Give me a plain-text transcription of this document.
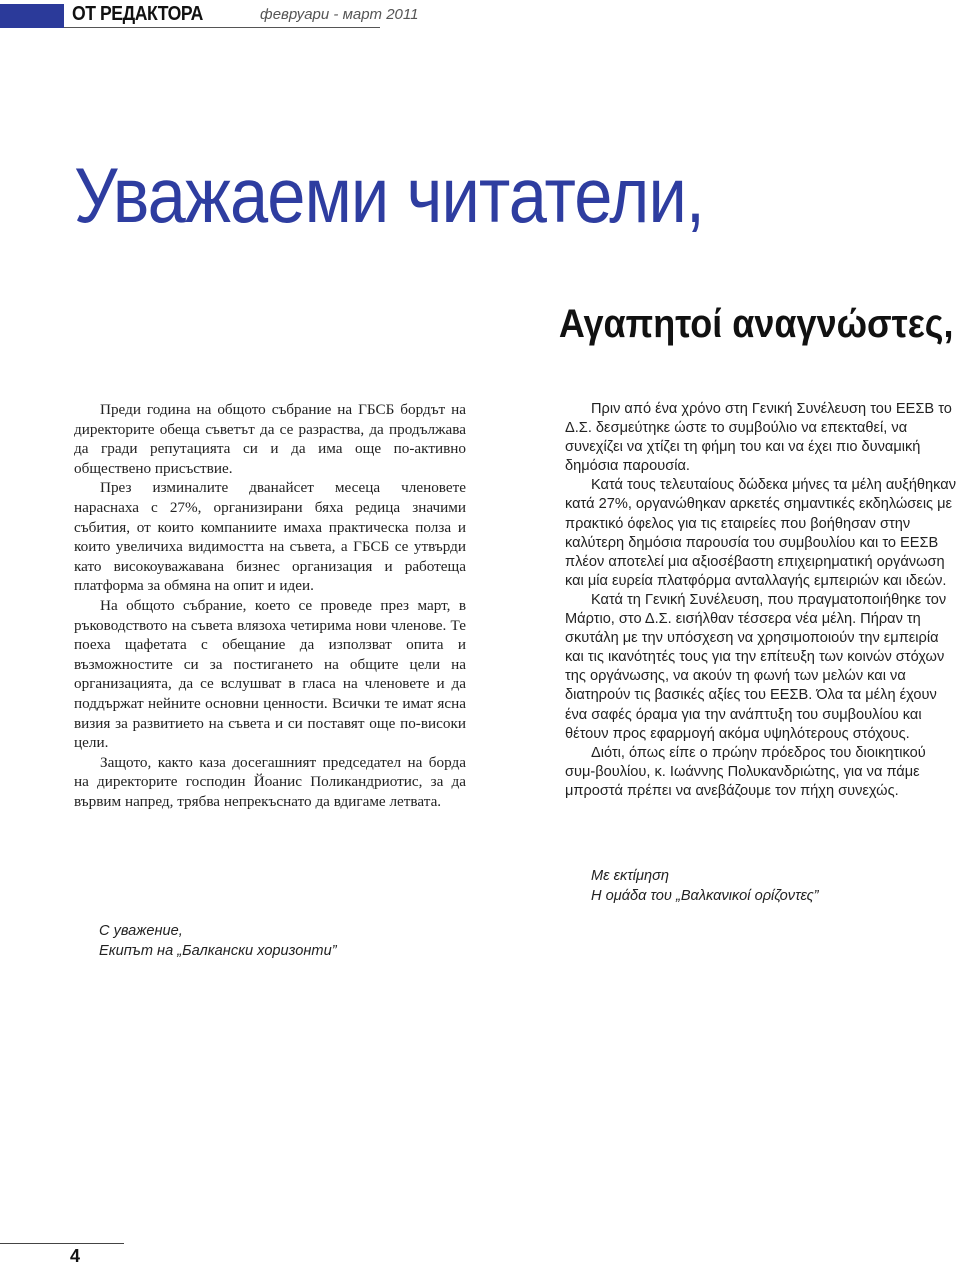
ОТ РЕДАКТОРА	февруари - март 2011
Уважаеми читатели,
Αγαπητοί αναγνώστες,

Преди година на общото събрание на ГБСБ бордът на директорите обеща съветът да се разраства, да продължава да гради репутацията си и да има още по-активно обществено присъствие.

През изминалите дванайсет месеца членовете нараснаха с 27%, организирани бяха редица значими събития, от които компаниите имаха практическа полза и които увеличиха видимостта на съвета, а ГБСБ се утвърди като високоуважавана бизнес организация и работеща платформа за обмяна на опит и идеи.

На общото събрание, което се проведе през март, в ръководството на съвета влязоха четирима нови членове. Те поеха щафетата с обещание да използват опита и възможностите си за постигането на общите цели на организацията, да се вслушват в гласа на членовете и да поддържат нейните основни ценности. Всички те имат ясна визия за развитието на съвета и си поставят още по-високи цели.

Защото, както каза досегашният председател на борда на директорите господин Йоанис Поликандриотис, за да вървим напред, трябва непрекъснато да вдигаме летвата.

Πριν από ένα χρόνο στη Γενική Συνέλευση του ΕΕΣΒ το Δ.Σ. δεσμεύτηκε ώστε το συμβούλιο να επεκταθεί, να συνεχίζει να χτίζει τη φήμη του και να έχει πιο δυναμική δημόσια παρουσία.

Κατά τους τελευταίους δώδεκα μήνες τα μέλη αυξήθηκαν κατά 27%, οργανώθηκαν αρκετές σημαντικές εκδηλώσεις με πρακτικό όφελος για τις εταιρείες που βοήθησαν στην καλύτερη δημόσια παρουσία του συμβουλίου και το ΕΕΣΒ πλέον αποτελεί μια αξιοσέβαστη επιχειρηματική οργάνωση και μία ευρεία πλατφόρμα ανταλλαγής εμπειριών και ιδεών.

Κατά τη Γενική Συνέλευση, που πραγματοποιήθηκε τον Μάρτιο, στο Δ.Σ. εισήλθαν τέσσερα νέα μέλη. Πήραν τη σκυτάλη με την υπόσχεση να χρησιμοποιούν την εμπειρία και τις ικανότητές τους για την επίτευξη των κοινών στόχων της οργάνωσης, να ακούν τη φωνή των μελών και να διατηρούν τις βασικές αξίες του ΕΕΣΒ. Όλα τα μέλη έχουν ένα σαφές όραμα για την ανάπτυξη του συμβουλίου και θέτουν προς εφαρμογή ακόμα υψηλότερους στόχους.

Διότι, όπως είπε ο πρώην πρόεδρος του διοικητικού συμ-βουλίου, κ. Ιωάννης Πολυκανδριώτης, για να πάμε μπροστά πρέπει να ανεβάζουμε τον πήχη συνεχώς.

Με εκτίμηση
Η ομάδα του „Βαλκανικοί ορίζοντες”
С уважение,
Екипът на „Балкански хоризонти”
4
